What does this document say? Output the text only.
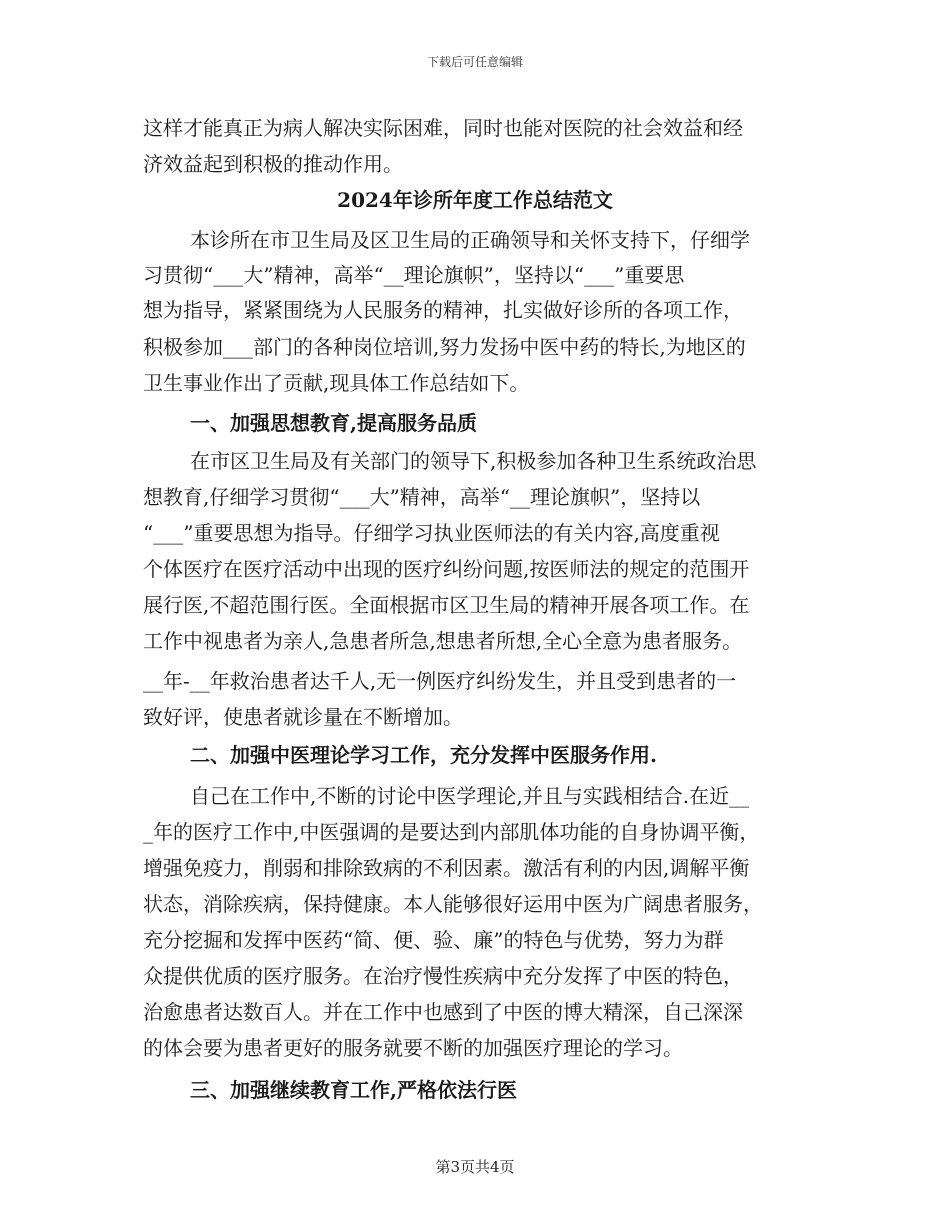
下载后可任意编辑
这样才能真正为病人解决实际困难，同时也能对医院的社会效益和经
济效益起到积极的推动作用。
2024年诊所年度工作总结范文
本诊所在市卫生局及区卫生局的正确领导和关怀支持下，仔细学
习贯彻“___大”精神，高举“__理论旗帜”，坚持以“___”重要思
想为指导，紧紧围绕为人民服务的精神，扎实做好诊所的各项工作，
积极参加___部门的各种岗位培训,努力发扬中医中药的特长,为地区的
卫生事业作出了贡献,现具体工作总结如下。
一、加强思想教育,提高服务品质
在市区卫生局及有关部门的领导下,积极参加各种卫生系统政治思
想教育,仔细学习贯彻“___大”精神，高举“__理论旗帜”，坚持以
“___”重要思想为指导。仔细学习执业医师法的有关内容,高度重视
个体医疗在医疗活动中出现的医疗纠纷问题,按医师法的规定的范围开
展行医,不超范围行医。全面根据市区卫生局的精神开展各项工作。在
工作中视患者为亲人,急患者所急,想患者所想,全心全意为患者服务。
__年-__年救治患者达千人,无一例医疗纠纷发生，并且受到患者的一
致好评，使患者就诊量在不断增加。
二、加强中医理论学习工作，充分发挥中医服务作用.
自己在工作中,不断的讨论中医学理论,并且与实践相结合.在近__
_年的医疗工作中,中医强调的是要达到内部肌体功能的自身协调平衡，
增强免疫力，削弱和排除致病的不利因素。激活有利的内因,调解平衡
状态，消除疾病，保持健康。本人能够很好运用中医为广阔患者服务，
充分挖掘和发挥中医药“简、便、验、廉”的特色与优势，努力为群
众提供优质的医疗服务。在治疗慢性疾病中充分发挥了中医的特色，
治愈患者达数百人。并在工作中也感到了中医的博大精深，自己深深
的体会要为患者更好的服务就要不断的加强医疗理论的学习。
三、加强继续教育工作,严格依法行医
第3页共4页
